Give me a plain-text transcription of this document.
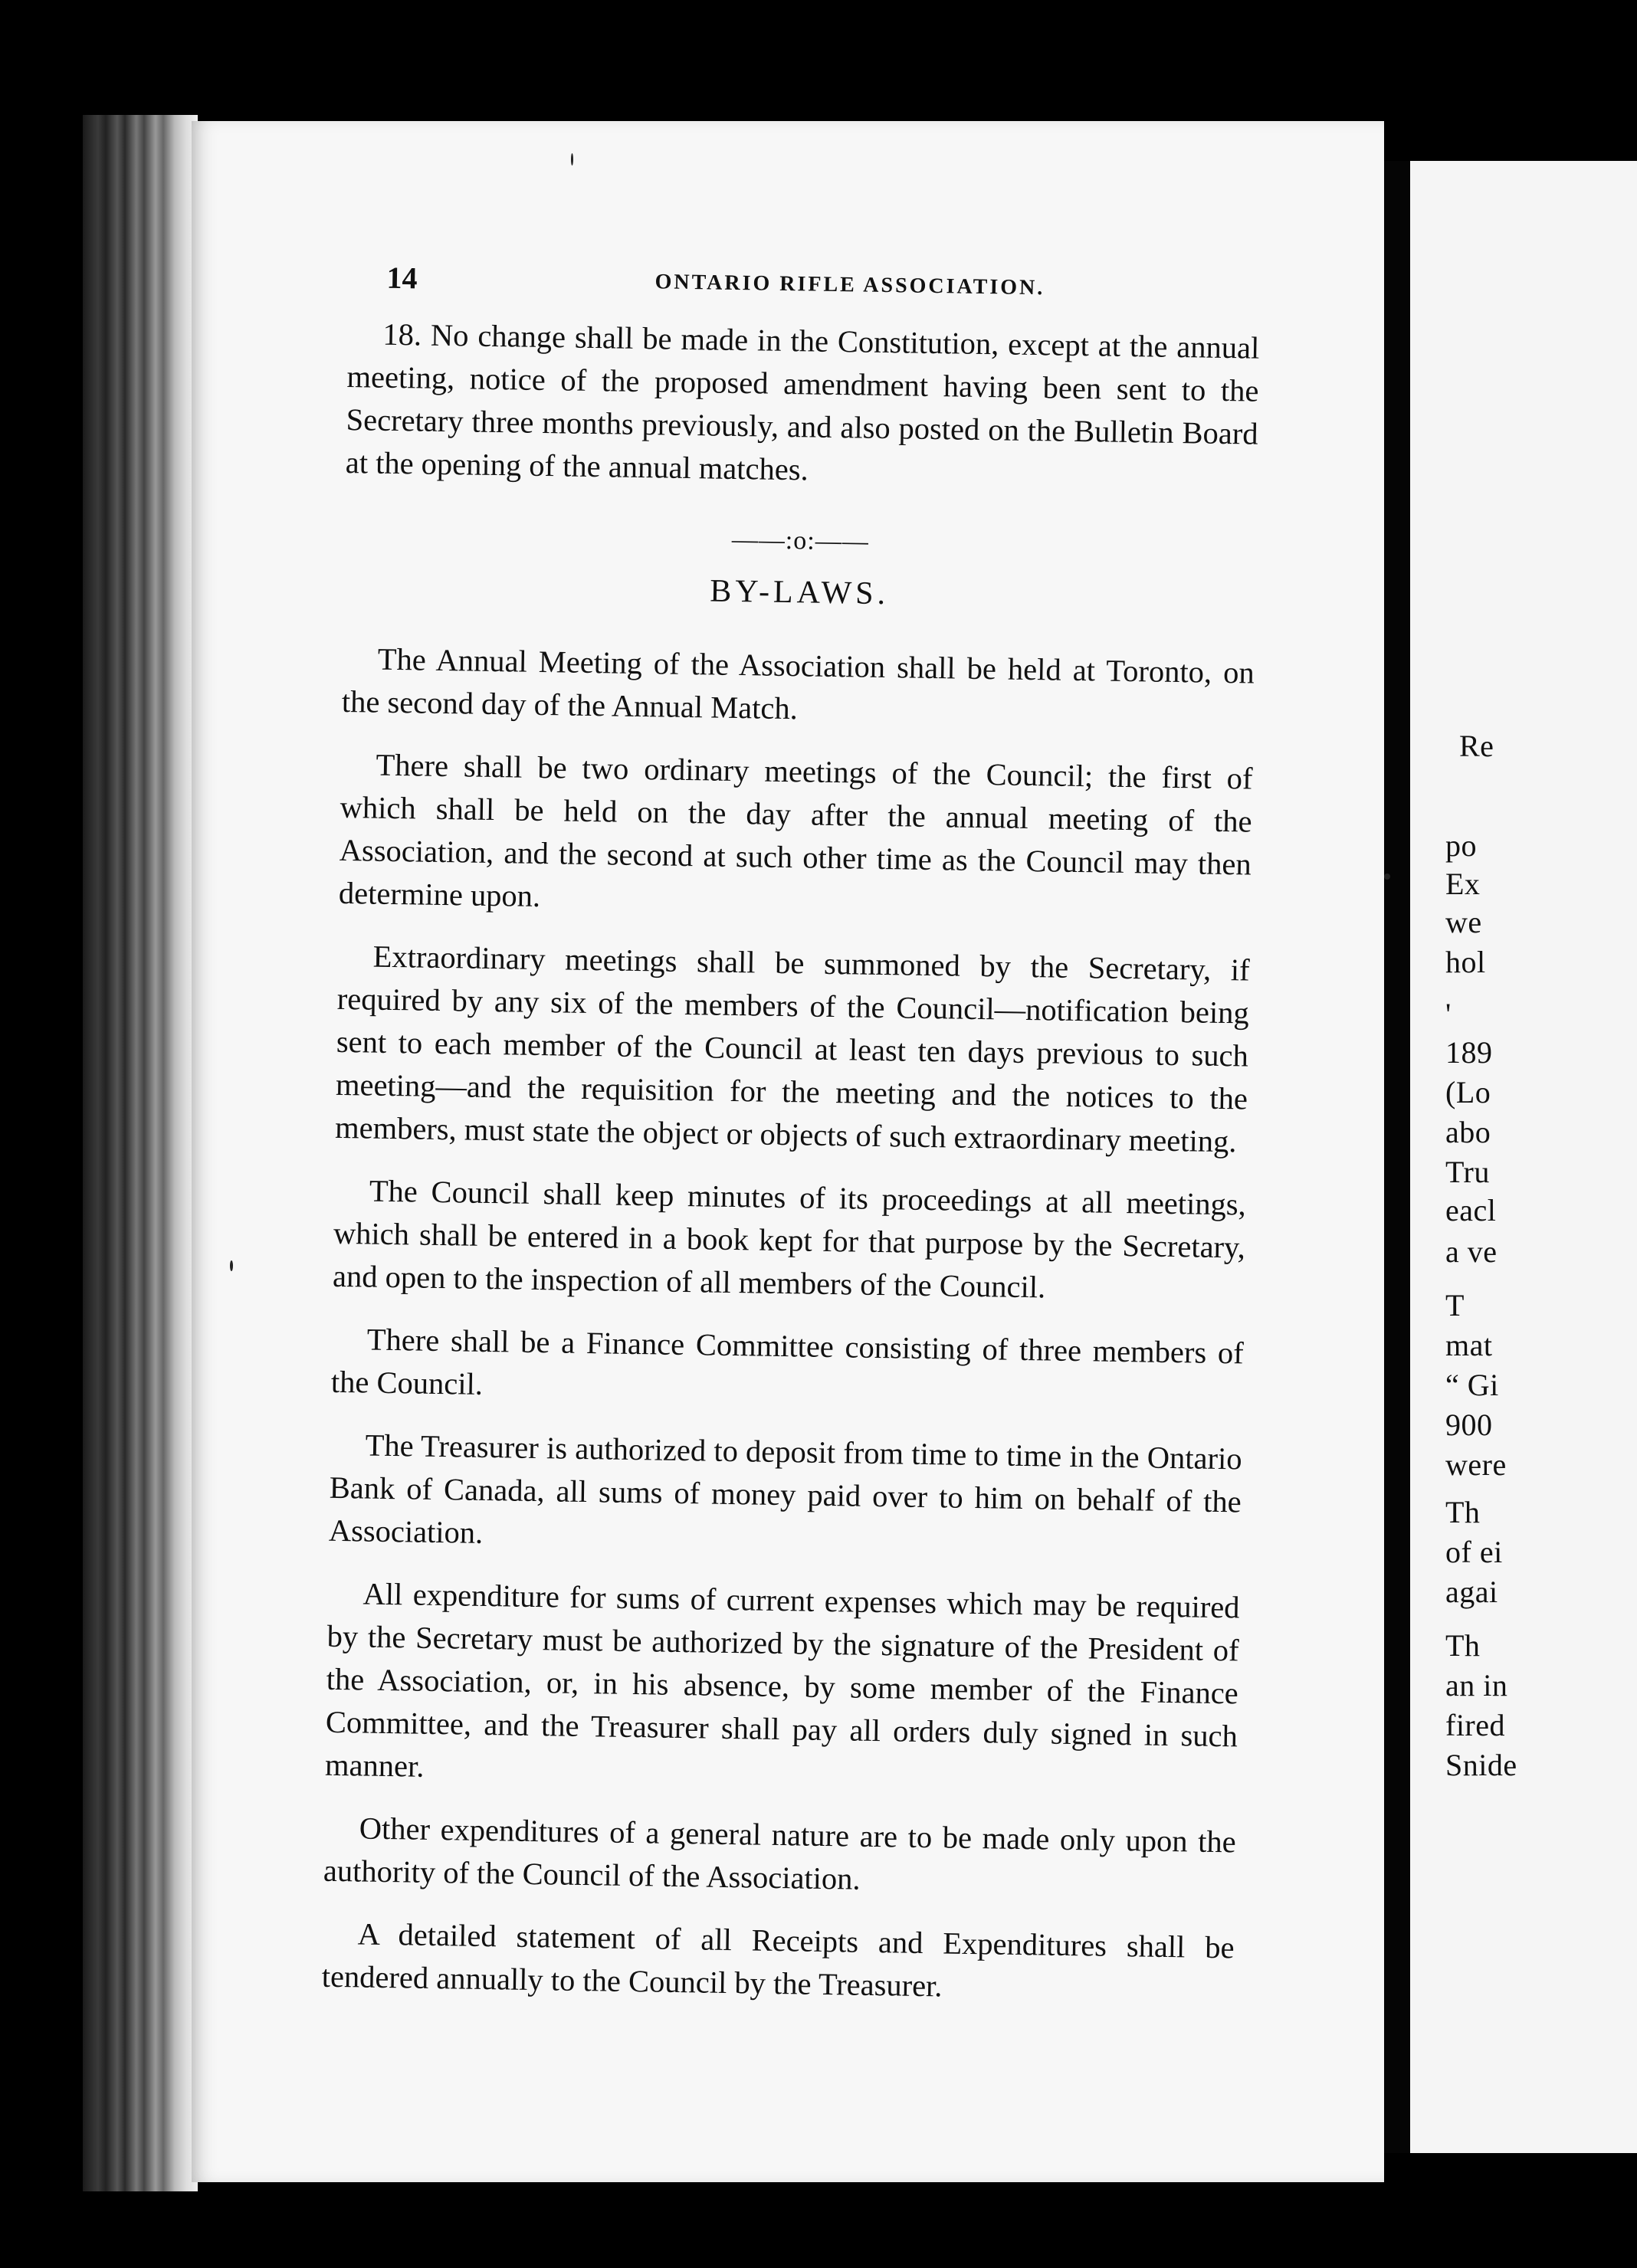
Rе
po
Ex
we
hol
'
189
(Lo
abo
Tru
eacl
a ve
T
mat
“ Gi
900
were
Th
of ei
agai
Th
an in
fired
Snide
14	ONTARIO RIFLE ASSOCIATION.

18. No change shall be made in the Constitution, except at the annual meeting, notice of the proposed amendment having been sent to the Secretary three months previously, and also posted on the Bulletin Board at the opening of the annual matches.

——:o:——
BY-LAWS.

The Annual Meeting of the Association shall be held at Toronto, on the second day of the Annual Match.

There shall be two ordinary meetings of the Council; the first of which shall be held on the day after the annual meeting of the Association, and the second at such other time as the Council may then determine upon.

Extraordinary meetings shall be summoned by the Secretary, if required by any six of the members of the Council—notification being sent to each member of the Council at least ten days previous to such meeting—and the requisition for the meeting and the notices to the members, must state the object or objects of such extraordinary meeting.

The Council shall keep minutes of its proceedings at all meetings, which shall be entered in a book kept for that purpose by the Secretary, and open to the inspection of all members of the Council.

There shall be a Finance Committee consisting of three members of the Council.

The Treasurer is authorized to deposit from time to time in the Ontario Bank of Canada, all sums of money paid over to him on behalf of the Association.

All expenditure for sums of current expenses which may be required by the Secretary must be authorized by the signature of the President of the Association, or, in his absence, by some member of the Finance Committee, and the Treasurer shall pay all orders duly signed in such manner.

Other expenditures of a general nature are to be made only upon the authority of the Council of the Association.

A detailed statement of all Receipts and Expenditures shall be tendered annually to the Council by the Treasurer.
